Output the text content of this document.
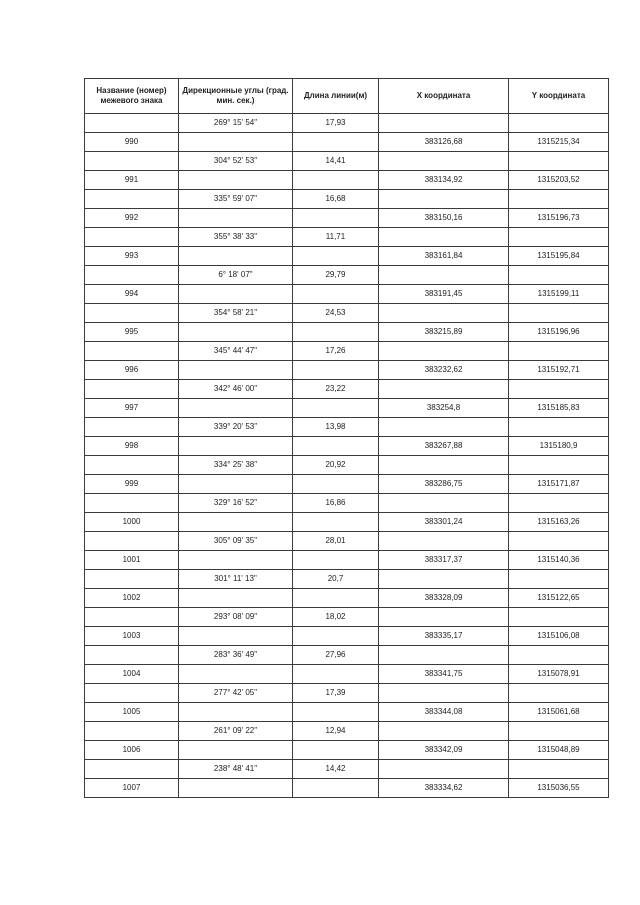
Название (номер) межевого знака	Дирекционные углы (град. мин. сек.)	Длина линии(м)	X координата	Y координата
	269° 15' 54"	17,93		
990			383126,68	1315215,34
	304° 52' 53"	14,41		
991			383134,92	1315203,52
	335° 59' 07"	16,68		
992			383150,16	1315196,73
	355° 38' 33"	11,71		
993			383161,84	1315195,84
	6° 18' 07"	29,79		
994			383191,45	1315199,11
	354° 58' 21"	24,53		
995			383215,89	1315196,96
	345° 44' 47"	17,26		
996			383232,62	1315192,71
	342° 46' 00"	23,22		
997			383254,8	1315185,83
	339° 20' 53"	13,98		
998			383267,88	1315180,9
	334° 25' 38"	20,92		
999			383286,75	1315171,87
	329° 16' 52"	16,86		
1000			383301,24	1315163,26
	305° 09' 35"	28,01		
1001			383317,37	1315140,36
	301° 11' 13"	20,7		
1002			383328,09	1315122,65
	293° 08' 09"	18,02		
1003			383335,17	1315106,08
	283° 36' 49"	27,96		
1004			383341,75	1315078,91
	277° 42' 05"	17,39		
1005			383344,08	1315061,68
	261° 09' 22"	12,94		
1006			383342,09	1315048,89
	238° 48' 41"	14,42		
1007			383334,62	1315036,55
